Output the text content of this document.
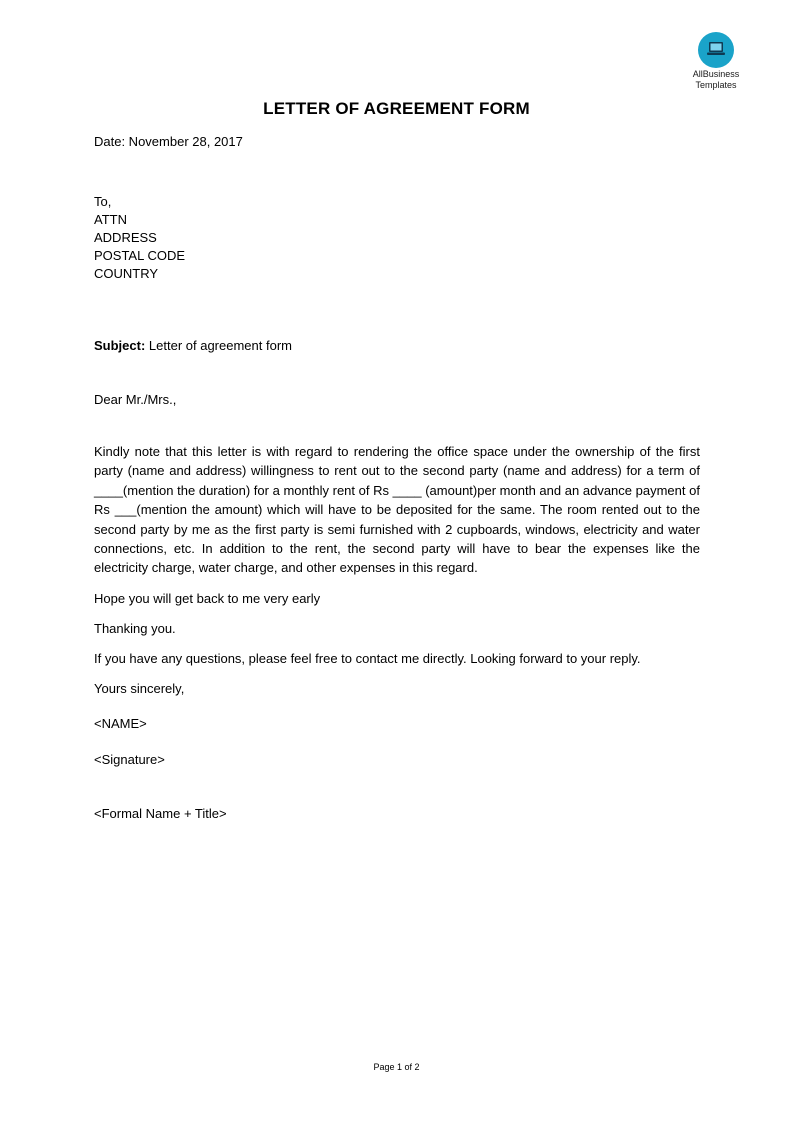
AllBusiness
Templates
LETTER OF AGREEMENT FORM
Date: November 28, 2017
To,
ATTN
ADDRESS
POSTAL CODE
COUNTRY
Subject: Letter of agreement form
Dear Mr./Mrs.,
Kindly note that this letter is with regard to rendering the office space under the ownership of the first party (name and address) willingness to rent out to the second party (name and address) for a term of ____(mention the duration) for a monthly rent of Rs ____ (amount)per month and an advance payment of Rs ___(mention the amount) which will have to be deposited for the same. The room rented out to the second party by me as the first party is semi furnished with 2 cupboards, windows, electricity and water connections, etc. In addition to the rent, the second party will have to bear the expenses like the electricity charge, water charge, and other expenses in this regard.
Hope you will get back to me very early
Thanking you.
If you have any questions, please feel free to contact me directly. Looking forward to your reply.
Yours sincerely,
<NAME>
<Signature>
<Formal Name + Title>
Page 1 of 2
